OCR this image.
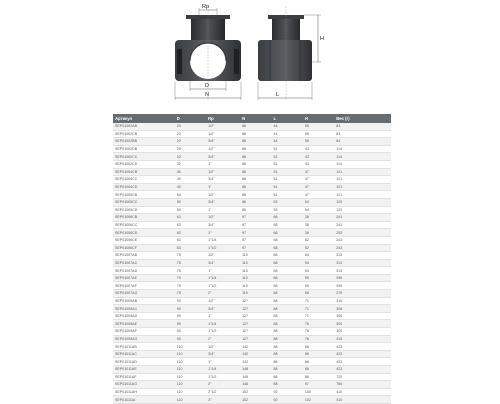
Rp
D
N
H
L
Артикул	D	Rp	N	L	H	Вес (г)
SEP01002AB	20	1/2"	86	44	55	83
SEP01002CB	20	1/2"	86	44	55	83
SEP01002BB	20	3/4"	86	44	55	84
SEP01002DB	25	1/2"	86	51	43	114
SEP01002CC	32	3/4"	86	51	43	114
SEP01002CD	32	1"	86	51	43	114
SEP01004CB	40	1/2"	86	51	47	121
SEP01004CC	40	3/4"	86	51	47	121
SEP01004CD	40	1"	86	51	47	121
SEP01005CB	50	1/2"	86	51	47	121
SEP01005CC	50	3/4"	86	53	54	120
SEP01005CD	50	1"	86	53	54	120
SEP01006CB	63	1/2"	97	68	38	241
SEP01006CC	63	3/4"	97	68	38	241
SEP01006CD	63	1"	97	68	38	253
SEP01006CE	63	1"1/4	97	68	52	243
SEP01006CF	63	1"1/2	97	68	52	243
SEP01007AB	75	1/2"	110	68	54	313
SEP01007AC	75	3/4"	110	68	54	313
SEP01007AD	75	1"	110	68	54	313
SEP01007AE	75	1"1/4	110	68	59	296
SEP01007AF	75	1"1/2	110	68	59	295
SEP01007AG	75	2"	110	68	68	270
SEP01009AB	90	1/2"	127	88	71	310
SEP01009AC	90	3/4"	127	88	71	308
SEP01009AD	90	1"	127	88	71	306
SEP01009AE	90	1"1/4	127	88	76	300
SEP01009AF	90	1"1/2	127	88	76	300
SEP01009AG	90	2"	127	88	76	315
SEP01011AB	110	1/2"	142	88	86	423
SEP01011AC	110	3/4"	142	88	86	423
SEP01011AD	110	1"	142	88	86	423
SEP01011AE	110	1"1/4	148	88	86	423
SEP01011AF	110	1"1/2	148	88	86	720
SEP01011AG	110	2"	148	88	97	750
SEP01011AH	110	2"1/2	152	92	100	410
SEP01011AI	110	3"	152	92	102	410
